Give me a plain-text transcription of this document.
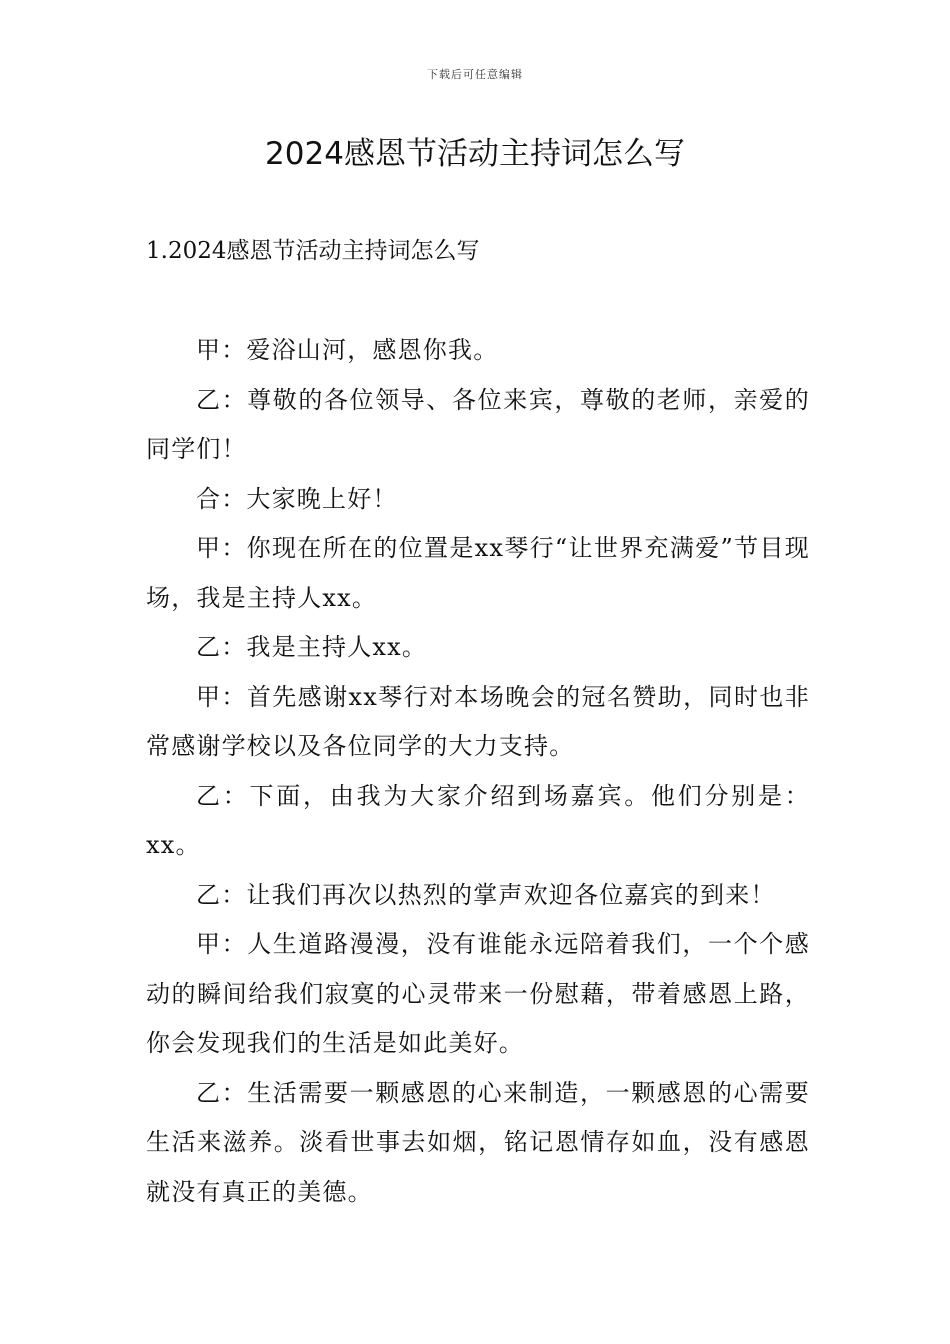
下载后可任意编辑
2024感恩节活动主持词怎么写
1.2024感恩节活动主持词怎么写

甲：爱浴山河，感恩你我。

乙：尊敬的各位领导、各位来宾，尊敬的老师，亲爱的同学们！

合：大家晚上好！

甲：你现在所在的位置是xx琴行“让世界充满爱”节目现场，我是主持人xx。

乙：我是主持人xx。

甲：首先感谢xx琴行对本场晚会的冠名赞助，同时也非常感谢学校以及各位同学的大力支持。

乙：下面，由我为大家介绍到场嘉宾。他们分别是：xx。

乙：让我们再次以热烈的掌声欢迎各位嘉宾的到来！

甲：人生道路漫漫，没有谁能永远陪着我们，一个个感动的瞬间给我们寂寞的心灵带来一份慰藉，带着感恩上路，你会发现我们的生活是如此美好。

乙：生活需要一颗感恩的心来制造，一颗感恩的心需要生活来滋养。淡看世事去如烟，铭记恩情存如血，没有感恩就没有真正的美德。
